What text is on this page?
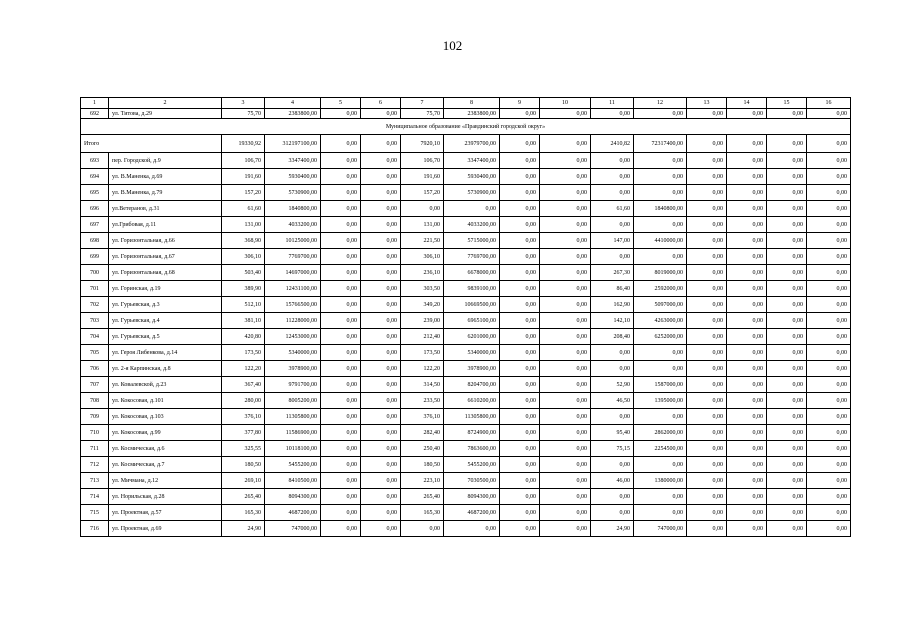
102
1	2	3	4	5	6	7	8	9	10	11	12	13	14	15	16
692	ул. Титова, д.29	75,70	2383800,00	0,00	0,00	75,70	2383800,00	0,00	0,00	0,00	0,00	0,00	0,00	0,00	0,00
Муниципальное образование «Правдинский городской округ»															
Итого		19330,92	312197100,00	0,00	0,00	7920,10	23979700,00	0,00	0,00	2410,82	72317400,00	0,00	0,00	0,00	0,00
693	пер. Городской, д.9	106,70	3347400,00	0,00	0,00	106,70	3347400,00	0,00	0,00	0,00	0,00	0,00	0,00	0,00	0,00
694	ул. В.Маненка, д.69	191,60	5930400,00	0,00	0,00	191,60	5930400,00	0,00	0,00	0,00	0,00	0,00	0,00	0,00	0,00
695	ул. В.Маненка, д.79	157,20	5730900,00	0,00	0,00	157,20	5730900,00	0,00	0,00	0,00	0,00	0,00	0,00	0,00	0,00
696	ул.Ветеранов, д.31	61,60	1840800,00	0,00	0,00	0,00	0,00	0,00	0,00	61,60	1840800,00	0,00	0,00	0,00	0,00
697	ул.Грибовая, д.11	131,00	4033200,00	0,00	0,00	131,00	4033200,00	0,00	0,00	0,00	0,00	0,00	0,00	0,00	0,00
698	ул. Горизонтальная, д.66	368,90	10125000,00	0,00	0,00	221,50	5715000,00	0,00	0,00	147,00	4410000,00	0,00	0,00	0,00	0,00
699	ул. Горизонтальная, д.67	306,10	7769700,00	0,00	0,00	306,10	7769700,00	0,00	0,00	0,00	0,00	0,00	0,00	0,00	0,00
700	ул. Горизонтальная, д.68	503,40	14697000,00	0,00	0,00	236,10	6678000,00	0,00	0,00	267,30	8019000,00	0,00	0,00	0,00	0,00
701	ул. Горинская, д.19	389,90	12431100,00	0,00	0,00	303,50	9839100,00	0,00	0,00	86,40	2592000,00	0,00	0,00	0,00	0,00
702	ул. Гурьевская, д.3	512,10	15766500,00	0,00	0,00	349,20	10669500,00	0,00	0,00	162,90	5097000,00	0,00	0,00	0,00	0,00
703	ул. Гурьевская, д.4	381,10	11228000,00	0,00	0,00	239,00	6965100,00	0,00	0,00	142,10	4263000,00	0,00	0,00	0,00	0,00
704	ул. Гурьевская, д.5	420,80	12453000,00	0,00	0,00	212,40	6201000,00	0,00	0,00	208,40	6252000,00	0,00	0,00	0,00	0,00
705	ул. Героя Либенкова, д.14	173,50	5340000,00	0,00	0,00	173,50	5340000,00	0,00	0,00	0,00	0,00	0,00	0,00	0,00	0,00
706	ул. 2-я Карпинская, д.8	122,20	3978900,00	0,00	0,00	122,20	3978900,00	0,00	0,00	0,00	0,00	0,00	0,00	0,00	0,00
707	ул. Ковалевской, д.23	367,40	9791700,00	0,00	0,00	314,50	8204700,00	0,00	0,00	52,90	1587000,00	0,00	0,00	0,00	0,00
708	ул. Кокосовая, д.101	280,00	8005200,00	0,00	0,00	233,50	6610200,00	0,00	0,00	46,50	1395000,00	0,00	0,00	0,00	0,00
709	ул. Кокосовая, д.103	376,10	11305800,00	0,00	0,00	376,10	11305800,00	0,00	0,00	0,00	0,00	0,00	0,00	0,00	0,00
710	ул. Кокосовая, д.99	377,80	11586900,00	0,00	0,00	282,40	8724900,00	0,00	0,00	95,40	2862000,00	0,00	0,00	0,00	0,00
711	ул. Космическая, д.6	325,55	10118100,00	0,00	0,00	250,40	7863600,00	0,00	0,00	75,15	2254500,00	0,00	0,00	0,00	0,00
712	ул. Космическая, д.7	180,50	5455200,00	0,00	0,00	180,50	5455200,00	0,00	0,00	0,00	0,00	0,00	0,00	0,00	0,00
713	ул. Мичмана, д.12	269,10	8410500,00	0,00	0,00	223,10	7030500,00	0,00	0,00	46,00	1380000,00	0,00	0,00	0,00	0,00
714	ул. Норильская, д.28	265,40	8094300,00	0,00	0,00	265,40	8094300,00	0,00	0,00	0,00	0,00	0,00	0,00	0,00	0,00
715	ул. Проектная, д.57	165,30	4687200,00	0,00	0,00	165,30	4687200,00	0,00	0,00	0,00	0,00	0,00	0,00	0,00	0,00
716	ул. Проектная, д.69	24,90	747000,00	0,00	0,00	0,00	0,00	0,00	0,00	24,90	747000,00	0,00	0,00	0,00	0,00
